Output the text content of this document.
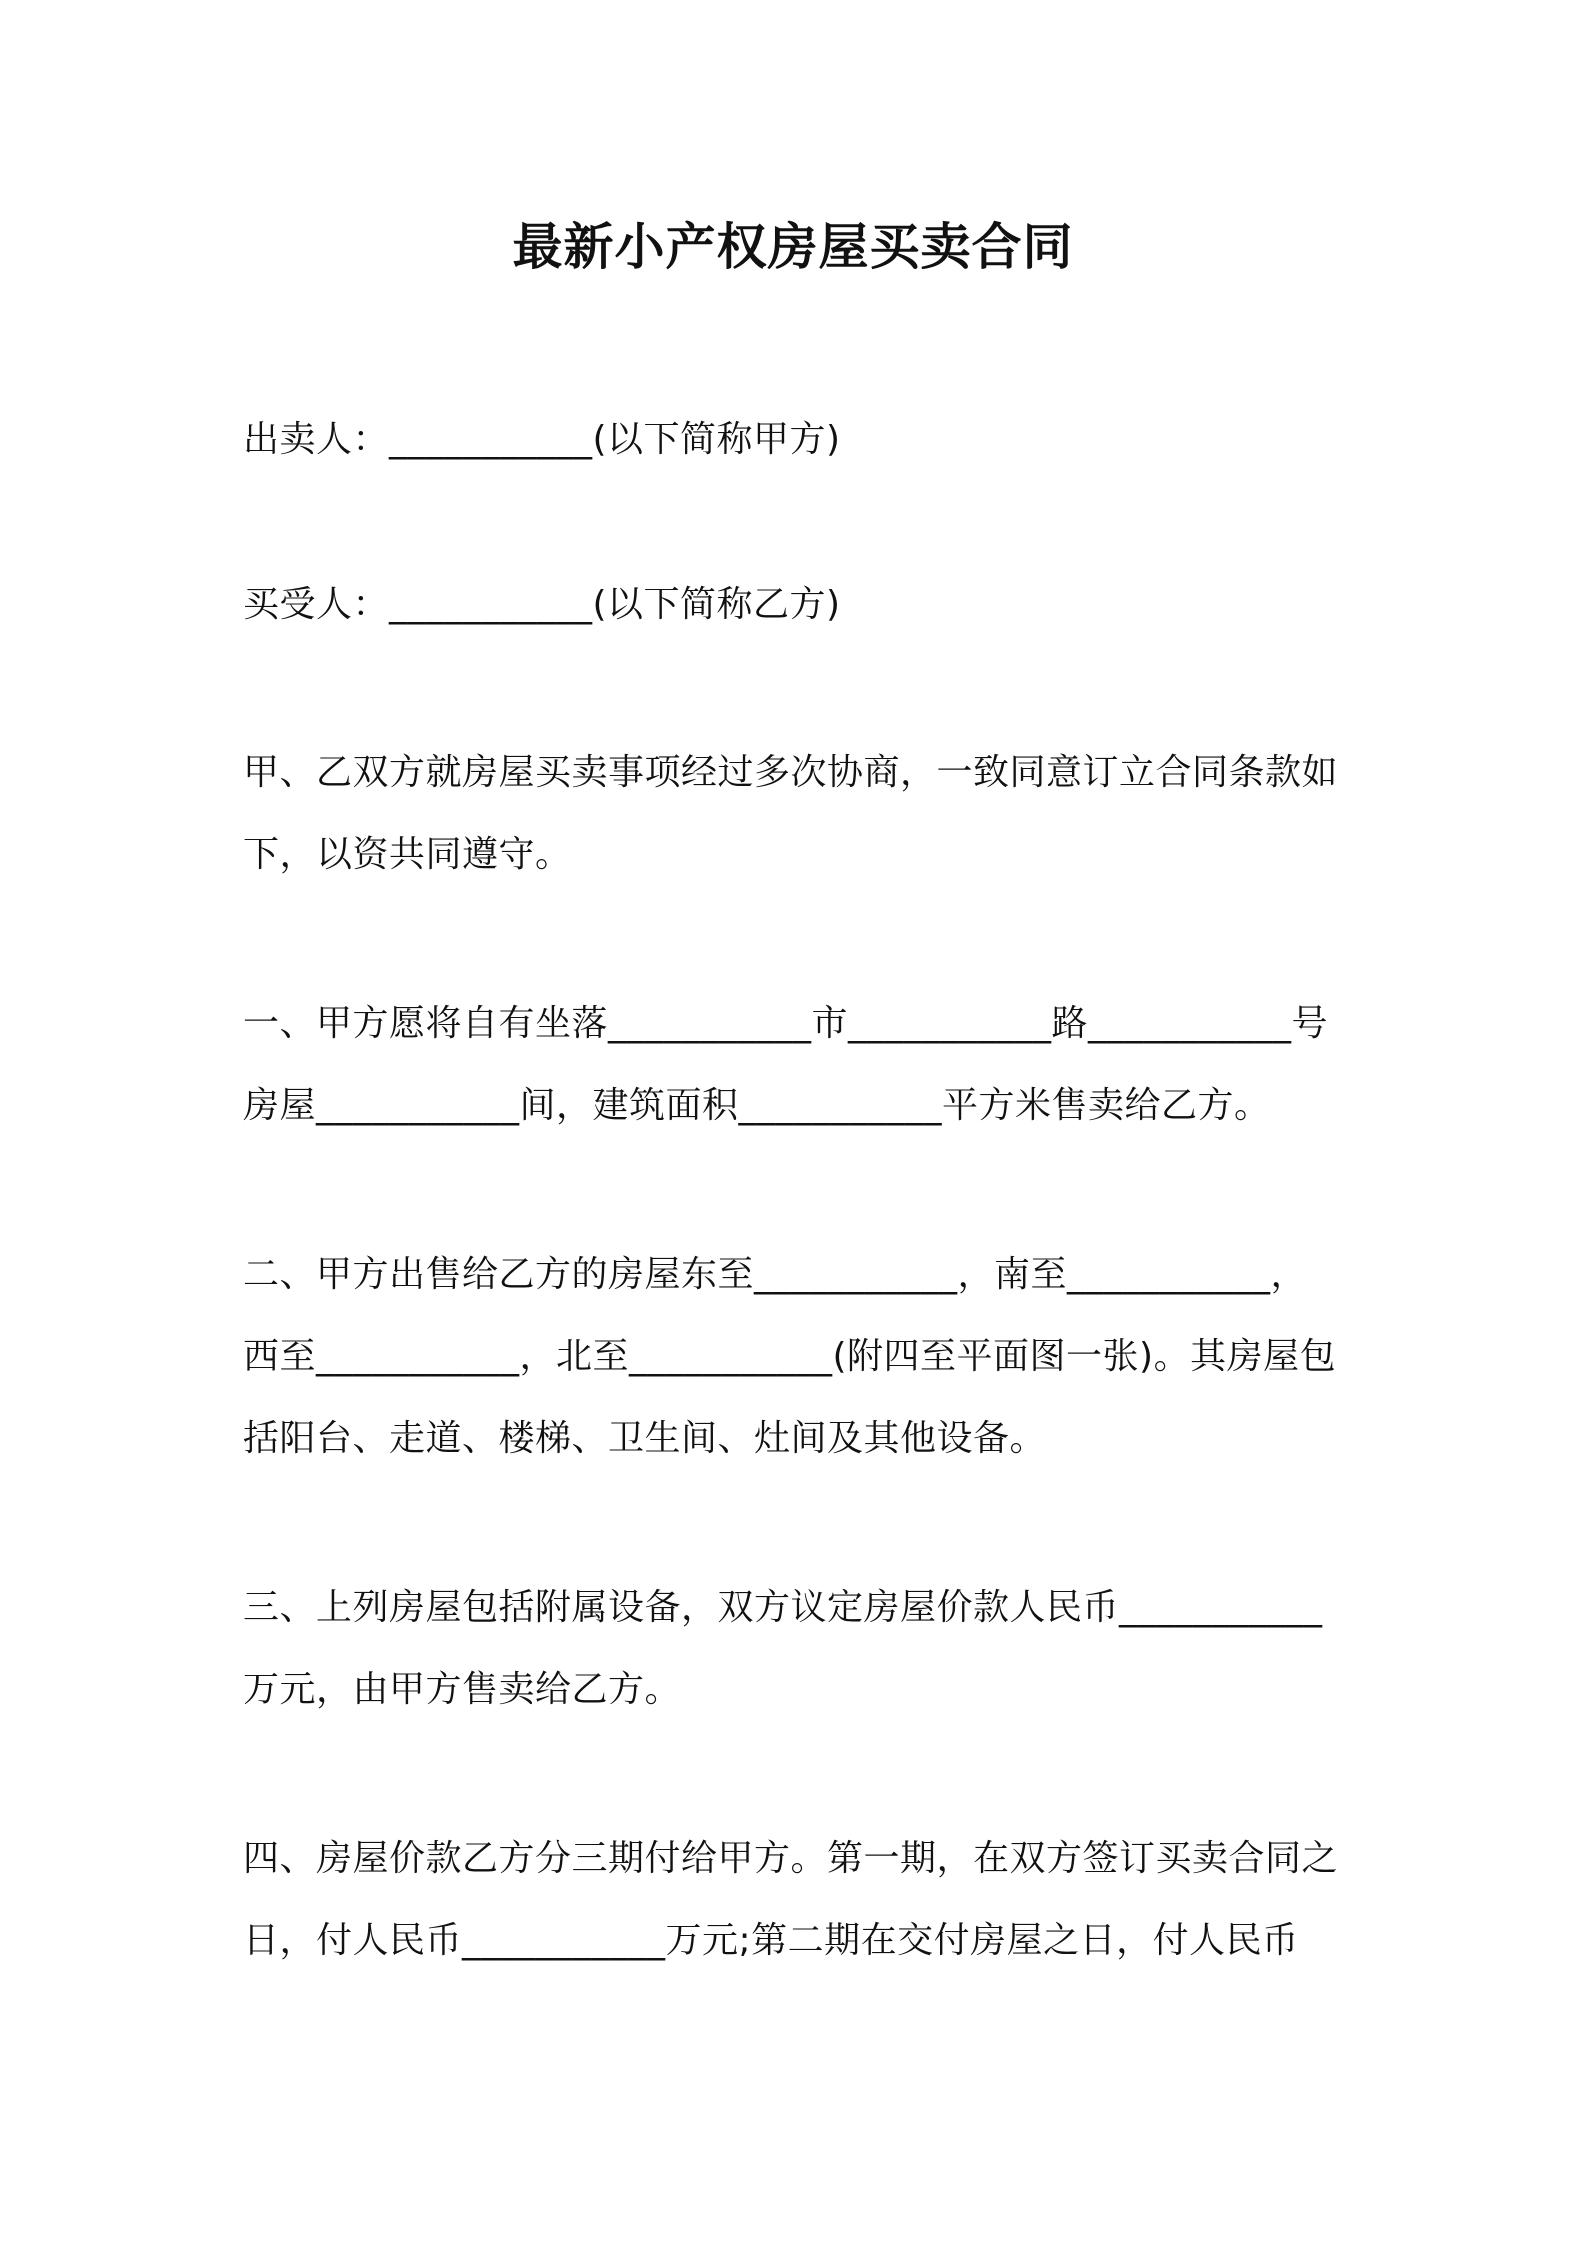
最新小产权房屋买卖合同
出卖人：___________(以下简称甲方)
买受人：___________(以下简称乙方)
甲、乙双方就房屋买卖事项经过多次协商，一致同意订立合同条款如
下，以资共同遵守。
一、甲方愿将自有坐落___________市___________路___________号
房屋___________间，建筑面积___________平方米售卖给乙方。
二、甲方出售给乙方的房屋东至___________，南至___________，
西至___________，北至___________(附四至平面图一张)。其房屋包
括阳台、走道、楼梯、卫生间、灶间及其他设备。
三、上列房屋包括附属设备，双方议定房屋价款人民币___________
万元，由甲方售卖给乙方。
四、房屋价款乙方分三期付给甲方。第一期，在双方签订买卖合同之
日，付人民币___________万元;第二期在交付房屋之日，付人民币
